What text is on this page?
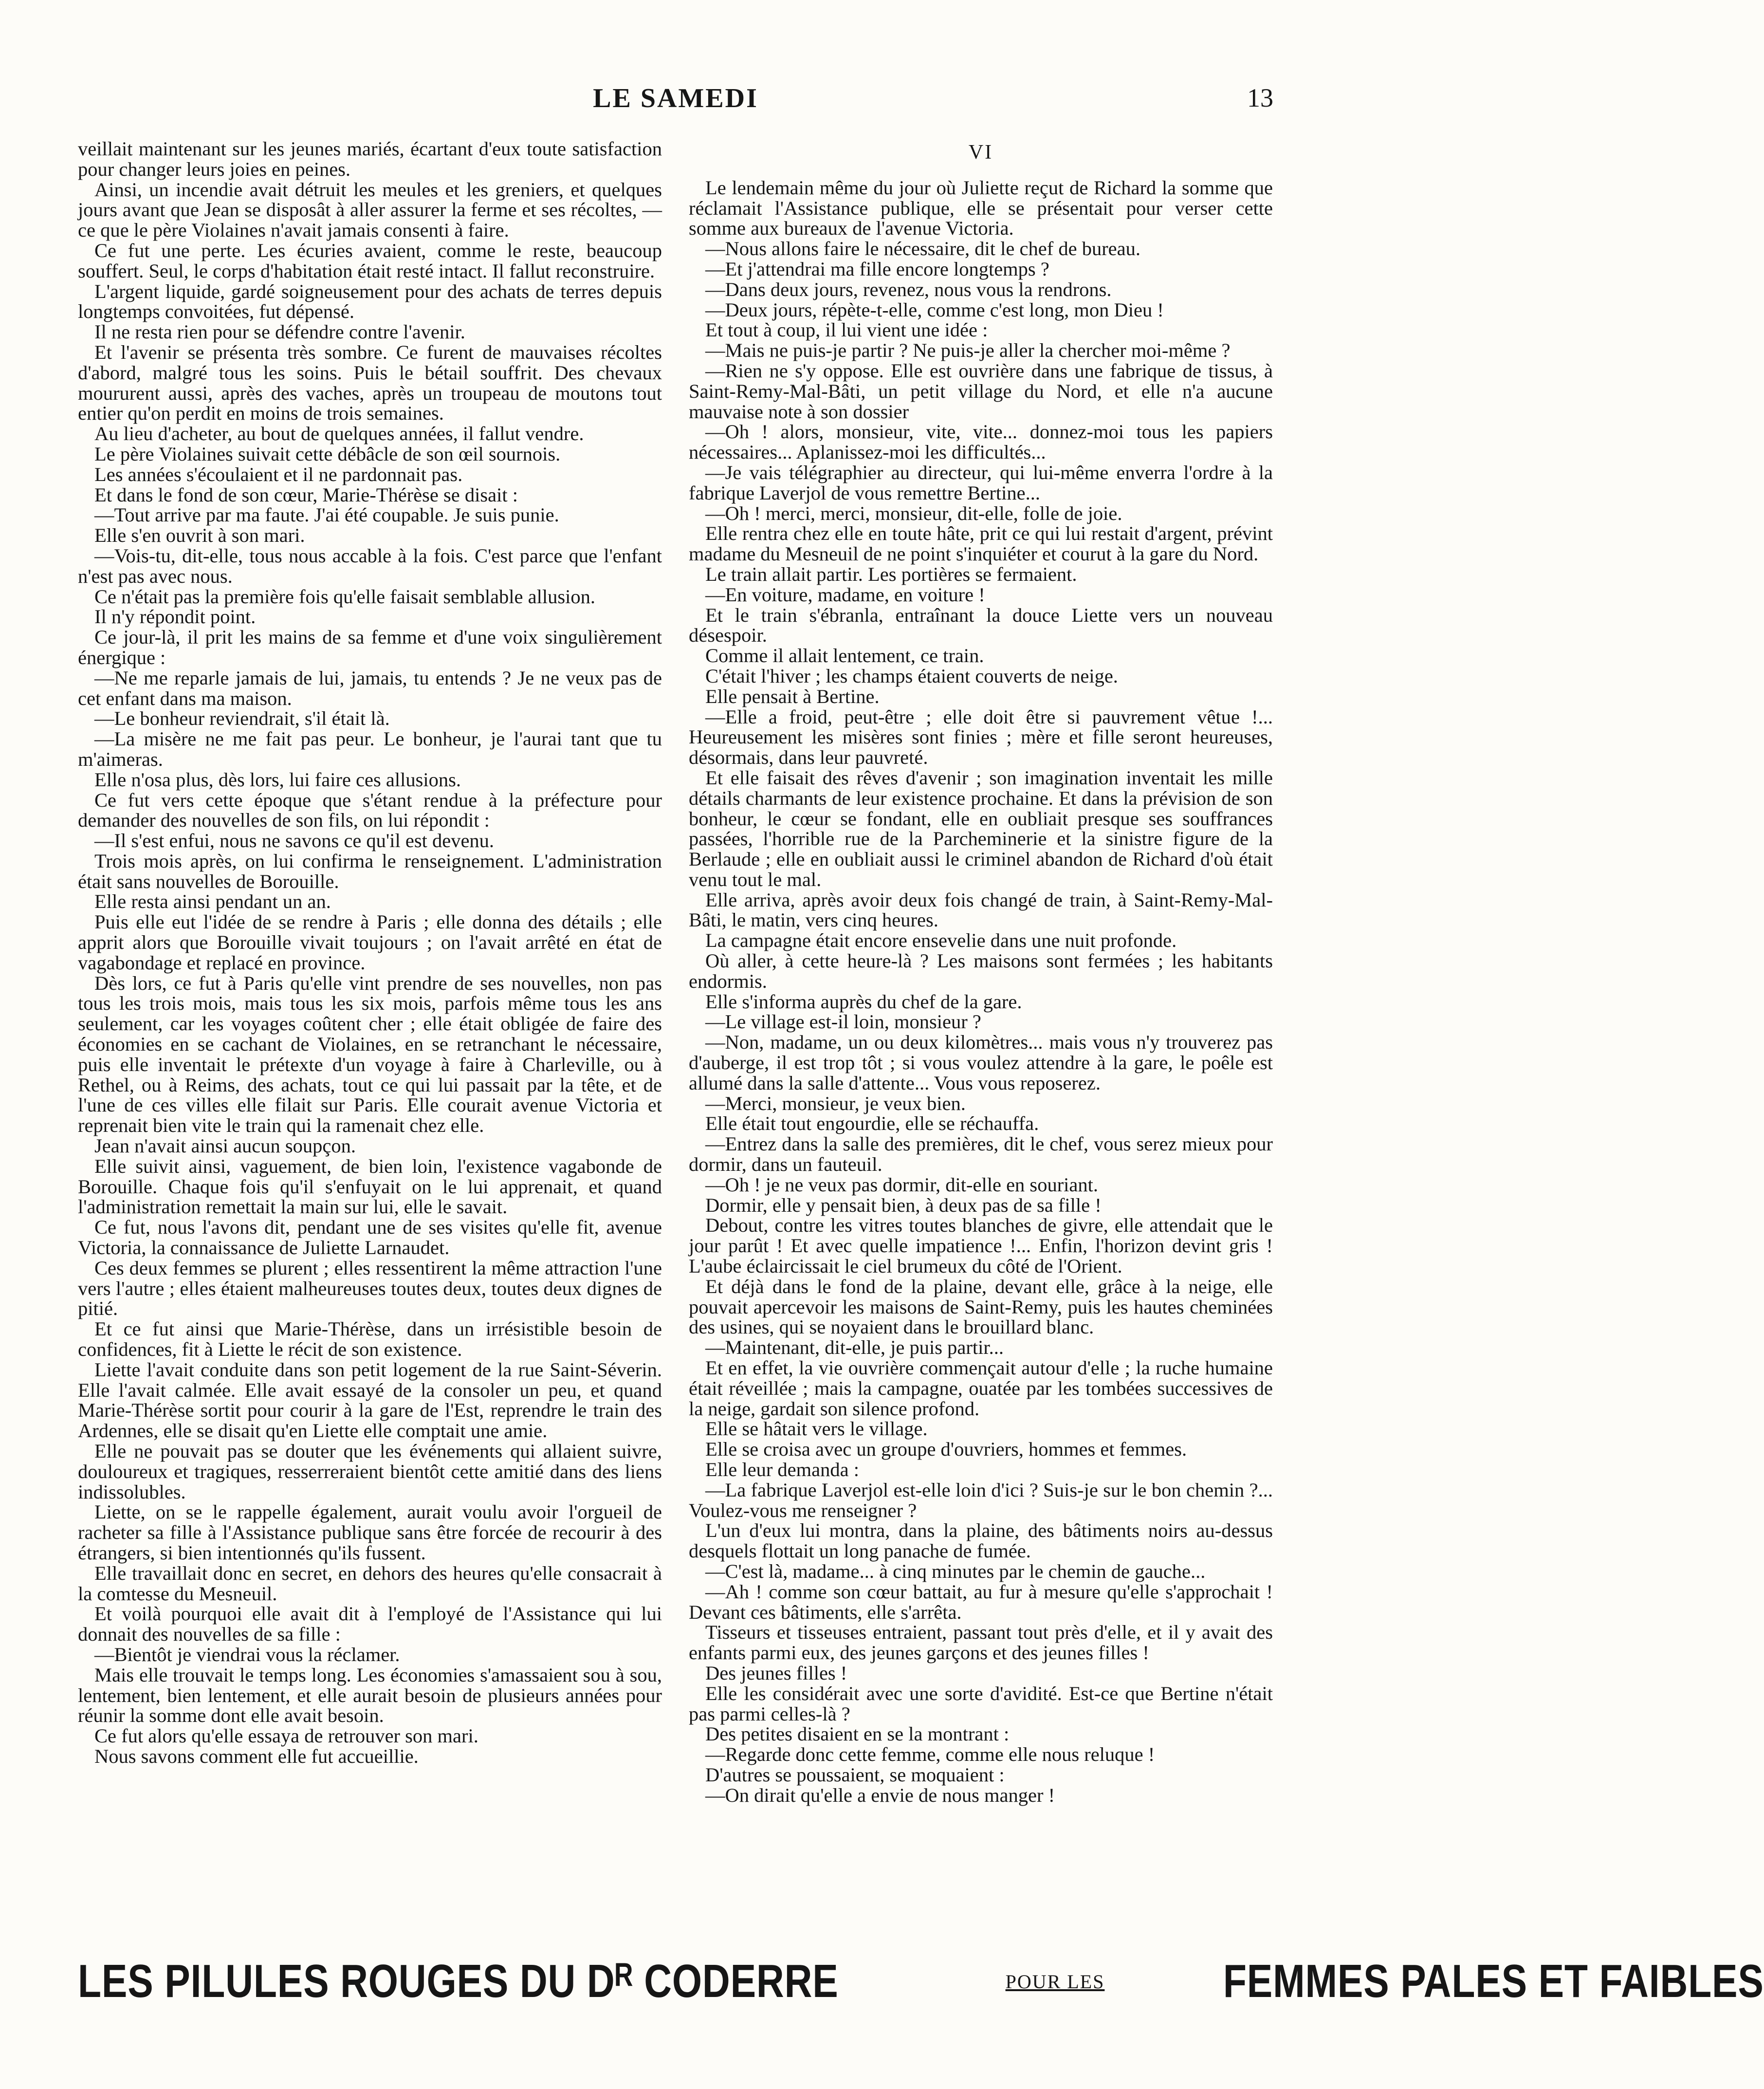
LE SAMEDI	13

veillait maintenant sur les jeunes mariés, écartant d'eux toute satisfaction pour changer leurs joies en peines.

Ainsi, un incendie avait détruit les meules et les greniers, et quelques jours avant que Jean se disposât à aller assurer la ferme et ses récoltes, — ce que le père Violaines n'avait jamais consenti à faire.

Ce fut une perte. Les écuries avaient, comme le reste, beaucoup souffert. Seul, le corps d'habitation était resté intact. Il fallut reconstruire.

L'argent liquide, gardé soigneusement pour des achats de terres depuis longtemps convoitées, fut dépensé.

Il ne resta rien pour se défendre contre l'avenir.

Et l'avenir se présenta très sombre. Ce furent de mauvaises récoltes d'abord, malgré tous les soins. Puis le bétail souffrit. Des chevaux moururent aussi, après des vaches, après un troupeau de moutons tout entier qu'on perdit en moins de trois semaines.

Au lieu d'acheter, au bout de quelques années, il fallut vendre.

Le père Violaines suivait cette débâcle de son œil sournois.

Les années s'écoulaient et il ne pardonnait pas.

Et dans le fond de son cœur, Marie-Thérèse se disait :

—Tout arrive par ma faute. J'ai été coupable. Je suis punie.

Elle s'en ouvrit à son mari.

—Vois-tu, dit-elle, tous nous accable à la fois. C'est parce que l'enfant n'est pas avec nous.

Ce n'était pas la première fois qu'elle faisait semblable allusion.

Il n'y répondit point.

Ce jour-là, il prit les mains de sa femme et d'une voix singulièrement énergique :

—Ne me reparle jamais de lui, jamais, tu entends ? Je ne veux pas de cet enfant dans ma maison.

—Le bonheur reviendrait, s'il était là.

—La misère ne me fait pas peur. Le bonheur, je l'aurai tant que tu m'aimeras.

Elle n'osa plus, dès lors, lui faire ces allusions.

Ce fut vers cette époque que s'étant rendue à la préfecture pour demander des nouvelles de son fils, on lui répondit :

—Il s'est enfui, nous ne savons ce qu'il est devenu.

Trois mois après, on lui confirma le renseignement. L'administration était sans nouvelles de Borouille.

Elle resta ainsi pendant un an.

Puis elle eut l'idée de se rendre à Paris ; elle donna des détails ; elle apprit alors que Borouille vivait toujours ; on l'avait arrêté en état de vagabondage et replacé en province.

Dès lors, ce fut à Paris qu'elle vint prendre de ses nouvelles, non pas tous les trois mois, mais tous les six mois, parfois même tous les ans seulement, car les voyages coûtent cher ; elle était obligée de faire des économies en se cachant de Violaines, en se retranchant le nécessaire, puis elle inventait le prétexte d'un voyage à faire à Charleville, ou à Rethel, ou à Reims, des achats, tout ce qui lui passait par la tête, et de l'une de ces villes elle filait sur Paris. Elle courait avenue Victoria et reprenait bien vite le train qui la ramenait chez elle.

Jean n'avait ainsi aucun soupçon.

Elle suivit ainsi, vaguement, de bien loin, l'existence vagabonde de Borouille. Chaque fois qu'il s'enfuyait on le lui apprenait, et quand l'administration remettait la main sur lui, elle le savait.

Ce fut, nous l'avons dit, pendant une de ses visites qu'elle fit, avenue Victoria, la connaissance de Juliette Larnaudet.

Ces deux femmes se plurent ; elles ressentirent la même attraction l'une vers l'autre ; elles étaient malheureuses toutes deux, toutes deux dignes de pitié.

Et ce fut ainsi que Marie-Thérèse, dans un irrésistible besoin de confidences, fit à Liette le récit de son existence.

Liette l'avait conduite dans son petit logement de la rue Saint-Séverin. Elle l'avait calmée. Elle avait essayé de la consoler un peu, et quand Marie-Thérèse sortit pour courir à la gare de l'Est, reprendre le train des Ardennes, elle se disait qu'en Liette elle comptait une amie.

Elle ne pouvait pas se douter que les événements qui allaient suivre, douloureux et tragiques, resserreraient bientôt cette amitié dans des liens indissolubles.

Liette, on se le rappelle également, aurait voulu avoir l'orgueil de racheter sa fille à l'Assistance publique sans être forcée de recourir à des étrangers, si bien intentionnés qu'ils fussent.

Elle travaillait donc en secret, en dehors des heures qu'elle consacrait à la comtesse du Mesneuil.

Et voilà pourquoi elle avait dit à l'employé de l'Assistance qui lui donnait des nouvelles de sa fille :

—Bientôt je viendrai vous la réclamer.

Mais elle trouvait le temps long. Les économies s'amassaient sou à sou, lentement, bien lentement, et elle aurait besoin de plusieurs années pour réunir la somme dont elle avait besoin.

Ce fut alors qu'elle essaya de retrouver son mari.

Nous savons comment elle fut accueillie.

VI

Le lendemain même du jour où Juliette reçut de Richard la somme que réclamait l'Assistance publique, elle se présentait pour verser cette somme aux bureaux de l'avenue Victoria.

—Nous allons faire le nécessaire, dit le chef de bureau.

—Et j'attendrai ma fille encore longtemps ?

—Dans deux jours, revenez, nous vous la rendrons.

—Deux jours, répète-t-elle, comme c'est long, mon Dieu !

Et tout à coup, il lui vient une idée :

—Mais ne puis-je partir ? Ne puis-je aller la chercher moi-même ?

—Rien ne s'y oppose. Elle est ouvrière dans une fabrique de tissus, à Saint-Remy-Mal-Bâti, un petit village du Nord, et elle n'a aucune mauvaise note à son dossier

—Oh ! alors, monsieur, vite, vite... donnez-moi tous les papiers nécessaires... Aplanissez-moi les difficultés...

—Je vais télégraphier au directeur, qui lui-même enverra l'ordre à la fabrique Laverjol de vous remettre Bertine...

—Oh ! merci, merci, monsieur, dit-elle, folle de joie.

Elle rentra chez elle en toute hâte, prit ce qui lui restait d'argent, prévint madame du Mesneuil de ne point s'inquiéter et courut à la gare du Nord.

Le train allait partir. Les portières se fermaient.

—En voiture, madame, en voiture !

Et le train s'ébranla, entraînant la douce Liette vers un nouveau désespoir.

Comme il allait lentement, ce train.

C'était l'hiver ; les champs étaient couverts de neige.

Elle pensait à Bertine.

—Elle a froid, peut-être ; elle doit être si pauvrement vêtue !... Heureusement les misères sont finies ; mère et fille seront heureuses, désormais, dans leur pauvreté.

Et elle faisait des rêves d'avenir ; son imagination inventait les mille détails charmants de leur existence prochaine. Et dans la prévision de son bonheur, le cœur se fondant, elle en oubliait presque ses souffrances passées, l'horrible rue de la Parcheminerie et la sinistre figure de la Berlaude ; elle en oubliait aussi le criminel abandon de Richard d'où était venu tout le mal.

Elle arriva, après avoir deux fois changé de train, à Saint-Remy-Mal-Bâti, le matin, vers cinq heures.

La campagne était encore ensevelie dans une nuit profonde.

Où aller, à cette heure-là ? Les maisons sont fermées ; les habitants endormis.

Elle s'informa auprès du chef de la gare.

—Le village est-il loin, monsieur ?

—Non, madame, un ou deux kilomètres... mais vous n'y trouverez pas d'auberge, il est trop tôt ; si vous voulez attendre à la gare, le poêle est allumé dans la salle d'attente... Vous vous reposerez.

—Merci, monsieur, je veux bien.

Elle était tout engourdie, elle se réchauffa.

—Entrez dans la salle des premières, dit le chef, vous serez mieux pour dormir, dans un fauteuil.

—Oh ! je ne veux pas dormir, dit-elle en souriant.

Dormir, elle y pensait bien, à deux pas de sa fille !

Debout, contre les vitres toutes blanches de givre, elle attendait que le jour parût ! Et avec quelle impatience !... Enfin, l'horizon devint gris ! L'aube éclaircissait le ciel brumeux du côté de l'Orient.

Et déjà dans le fond de la plaine, devant elle, grâce à la neige, elle pouvait apercevoir les maisons de Saint-Remy, puis les hautes cheminées des usines, qui se noyaient dans le brouillard blanc.

—Maintenant, dit-elle, je puis partir...

Et en effet, la vie ouvrière commençait autour d'elle ; la ruche humaine était réveillée ; mais la campagne, ouatée par les tombées successives de la neige, gardait son silence profond.

Elle se hâtait vers le village.

Elle se croisa avec un groupe d'ouvriers, hommes et femmes.

Elle leur demanda :

—La fabrique Laverjol est-elle loin d'ici ? Suis-je sur le bon chemin ?... Voulez-vous me renseigner ?

L'un d'eux lui montra, dans la plaine, des bâtiments noirs au-dessus desquels flottait un long panache de fumée.

—C'est là, madame... à cinq minutes par le chemin de gauche...

—Ah ! comme son cœur battait, au fur à mesure qu'elle s'approchait ! Devant ces bâtiments, elle s'arrêta.

Tisseurs et tisseuses entraient, passant tout près d'elle, et il y avait des enfants parmi eux, des jeunes garçons et des jeunes filles !

Des jeunes filles !

Elle les considérait avec une sorte d'avidité. Est-ce que Bertine n'était pas parmi celles-là ?

Des petites disaient en se la montrant :

—Regarde donc cette femme, comme elle nous reluque !

D'autres se poussaient, se moquaient :

—On dirait qu'elle a envie de nous manger !

LES PILULES ROUGES DU Dᴿ CODERRE	POUR LES	FEMMES PALES ET FAIBLES
